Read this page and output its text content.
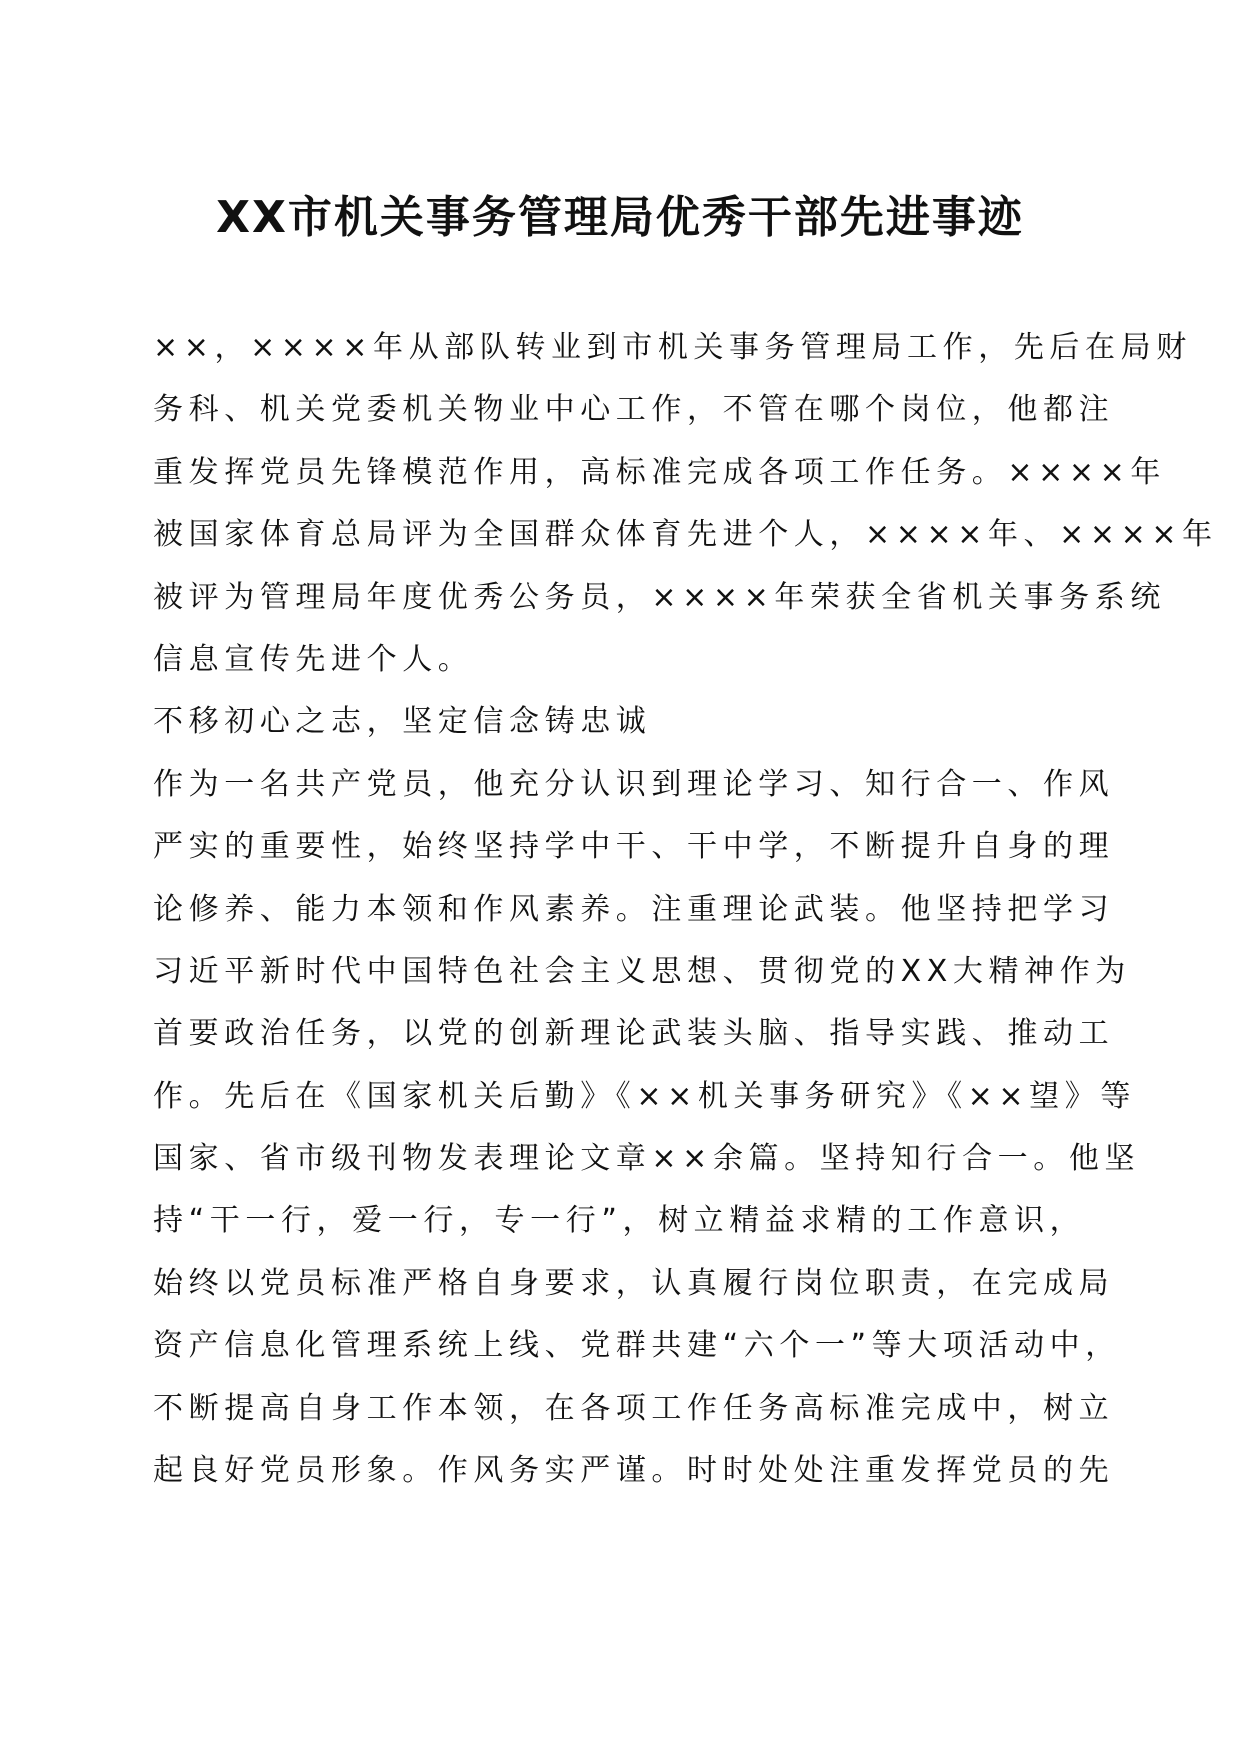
XX市机关事务管理局优秀干部先进事迹

××，××××年从部队转业到市机关事务管理局工作，先后在局财

务科、机关党委机关物业中心工作，不管在哪个岗位，他都注

重发挥党员先锋模范作用，高标准完成各项工作任务。××××年

被国家体育总局评为全国群众体育先进个人，××××年、××××年

被评为管理局年度优秀公务员，××××年荣获全省机关事务系统

信息宣传先进个人。

不移初心之志，坚定信念铸忠诚

作为一名共产党员，他充分认识到理论学习、知行合一、作风

严实的重要性，始终坚持学中干、干中学，不断提升自身的理

论修养、能力本领和作风素养。注重理论武装。他坚持把学习

习近平新时代中国特色社会主义思想、贯彻党的XX大精神作为

首要政治任务，以党的创新理论武装头脑、指导实践、推动工

作。先后在《国家机关后勤》《××机关事务研究》《××望》等

国家、省市级刊物发表理论文章××余篇。坚持知行合一。他坚

持“干一行，爱一行，专一行”，树立精益求精的工作意识，

始终以党员标准严格自身要求，认真履行岗位职责，在完成局

资产信息化管理系统上线、党群共建“六个一”等大项活动中，

不断提高自身工作本领，在各项工作任务高标准完成中，树立

起良好党员形象。作风务实严谨。时时处处注重发挥党员的先
